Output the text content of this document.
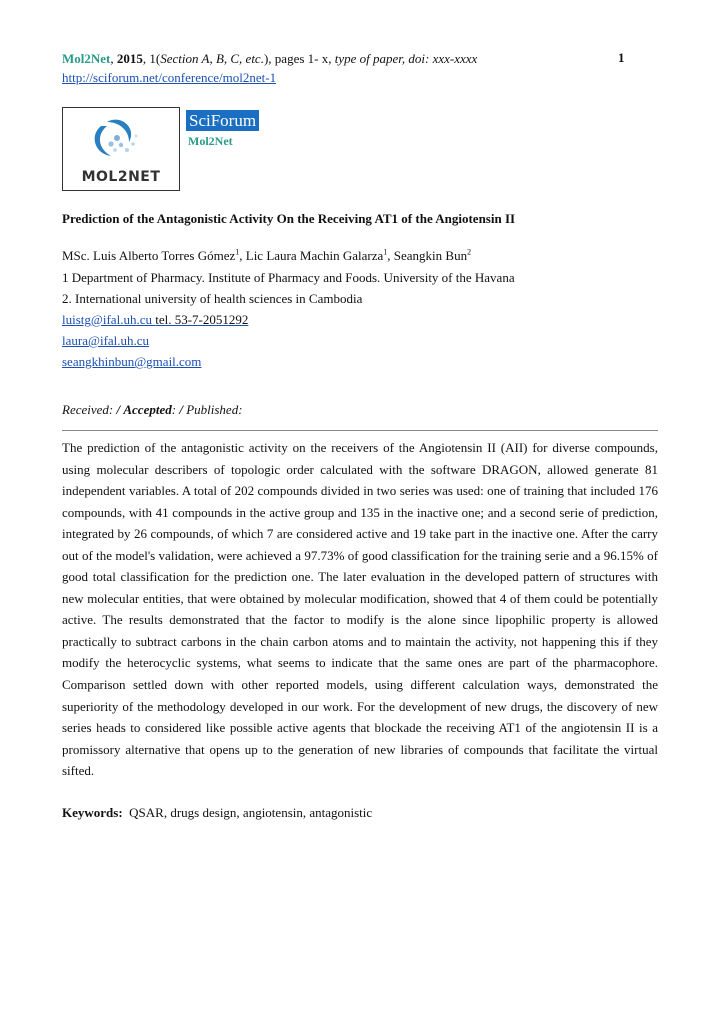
Mol2Net, 2015, 1(Section A, B, C, etc.), pages 1- x, type of paper, doi: xxx-xxxx	1
http://sciforum.net/conference/mol2net-1
MOL2NET
SciForum
Mol2Net
Prediction of the Antagonistic Activity On the Receiving AT1 of the Angiotensin II
MSc. Luis Alberto Torres Gómez$^1$, Lic Laura Machin Galarza$^1$, Seangkin Bun$^2$
1 Department of Pharmacy. Institute of Pharmacy and Foods. University of the Havana
2. International university of health sciences in Cambodia
luistg@ifal.uh.cu tel. 53-7-2051292
laura@ifal.uh.cu
seangkhinbun@gmail.com
Received: / Accepted: / Published:

The prediction of the antagonistic activity on the receivers of the Angiotensin II (AII) for diverse compounds, using molecular describers of topologic order calculated with the software DRAGON, allowed generate 81 independent variables. A total of 202 compounds divided in two series was used: one of training that included 176 compounds, with 41 compounds in the active group and 135 in the inactive one; and a second serie of prediction, integrated by 26 compounds, of which 7 are considered active and 19 take part in the inactive one. After the carry out of the model's validation, were achieved a 97.73% of good classification for the training serie and a 96.15% of good total classification for the prediction one. The later evaluation in the developed pattern of structures with new molecular entities, that were obtained by molecular modification, showed that 4 of them could be potentially active. The results demonstrated that the factor to modify is the alone since lipophilic property is allowed practically to subtract carbons in the chain carbon atoms and to maintain the activity, not happening this if they modify the heterocyclic systems, what seems to indicate that the same ones are part of the pharmacophore. Comparison settled down with other reported models, using different calculation ways, demonstrated the superiority of the methodology developed in our work. For the development of new drugs, the discovery of new series heads to considered like possible active agents that blockade the receiving AT1 of the angiotensin II is a promissory alternative that opens up to the generation of new libraries of compounds that facilitate the virtual sifted.

Keywords: QSAR, drugs design, angiotensin, antagonistic
